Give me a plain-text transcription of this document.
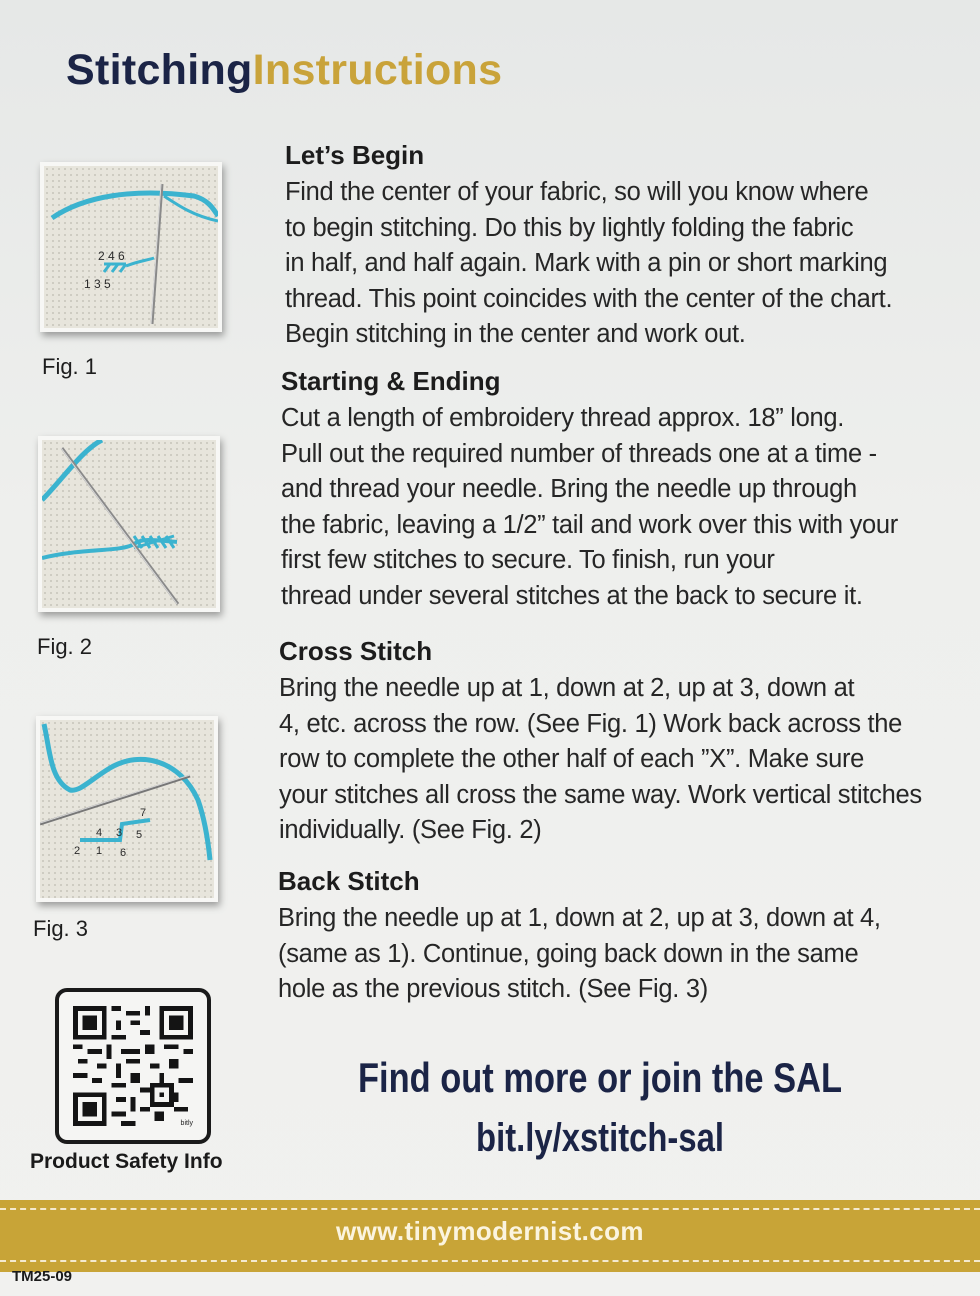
StitchingInstructions
2 4 6
1 3 5
Fig. 1
Fig. 2
7
4 3 5
2 1 6
Fig. 3
Let’s Begin

Find the center of your fabric, so will you know where
to begin stitching. Do this by lightly folding the fabric
in half, and half again. Mark with a pin or short marking
thread. This point coincides with the center of the chart.
Begin stitching in the center and work out.

Starting & Ending

Cut a length of embroidery thread approx. 18” long.
Pull out the required number of threads one at a time -
and thread your needle. Bring the needle up through
the fabric, leaving a 1/2” tail and work over this with your
first few stitches to secure. To finish, run your
thread under several stitches at the back to secure it.

Cross Stitch

Bring the needle up at 1, down at 2, up at 3, down at
4, etc. across the row. (See Fig. 1) Work back across the
row to complete the other half of each ”X”. Make sure
your stitches all cross the same way. Work vertical stitches
individually. (See Fig. 2)

Back Stitch

Bring the needle up at 1, down at 2, up at 3, down at 4,
(same as 1). Continue, going back down in the same
hole as the previous stitch. (See Fig. 3)

bitly
Product Safety Info
Find out more or join the SAL
bit.ly/xstitch-sal
www.tinymodernist.com
TM25-09
